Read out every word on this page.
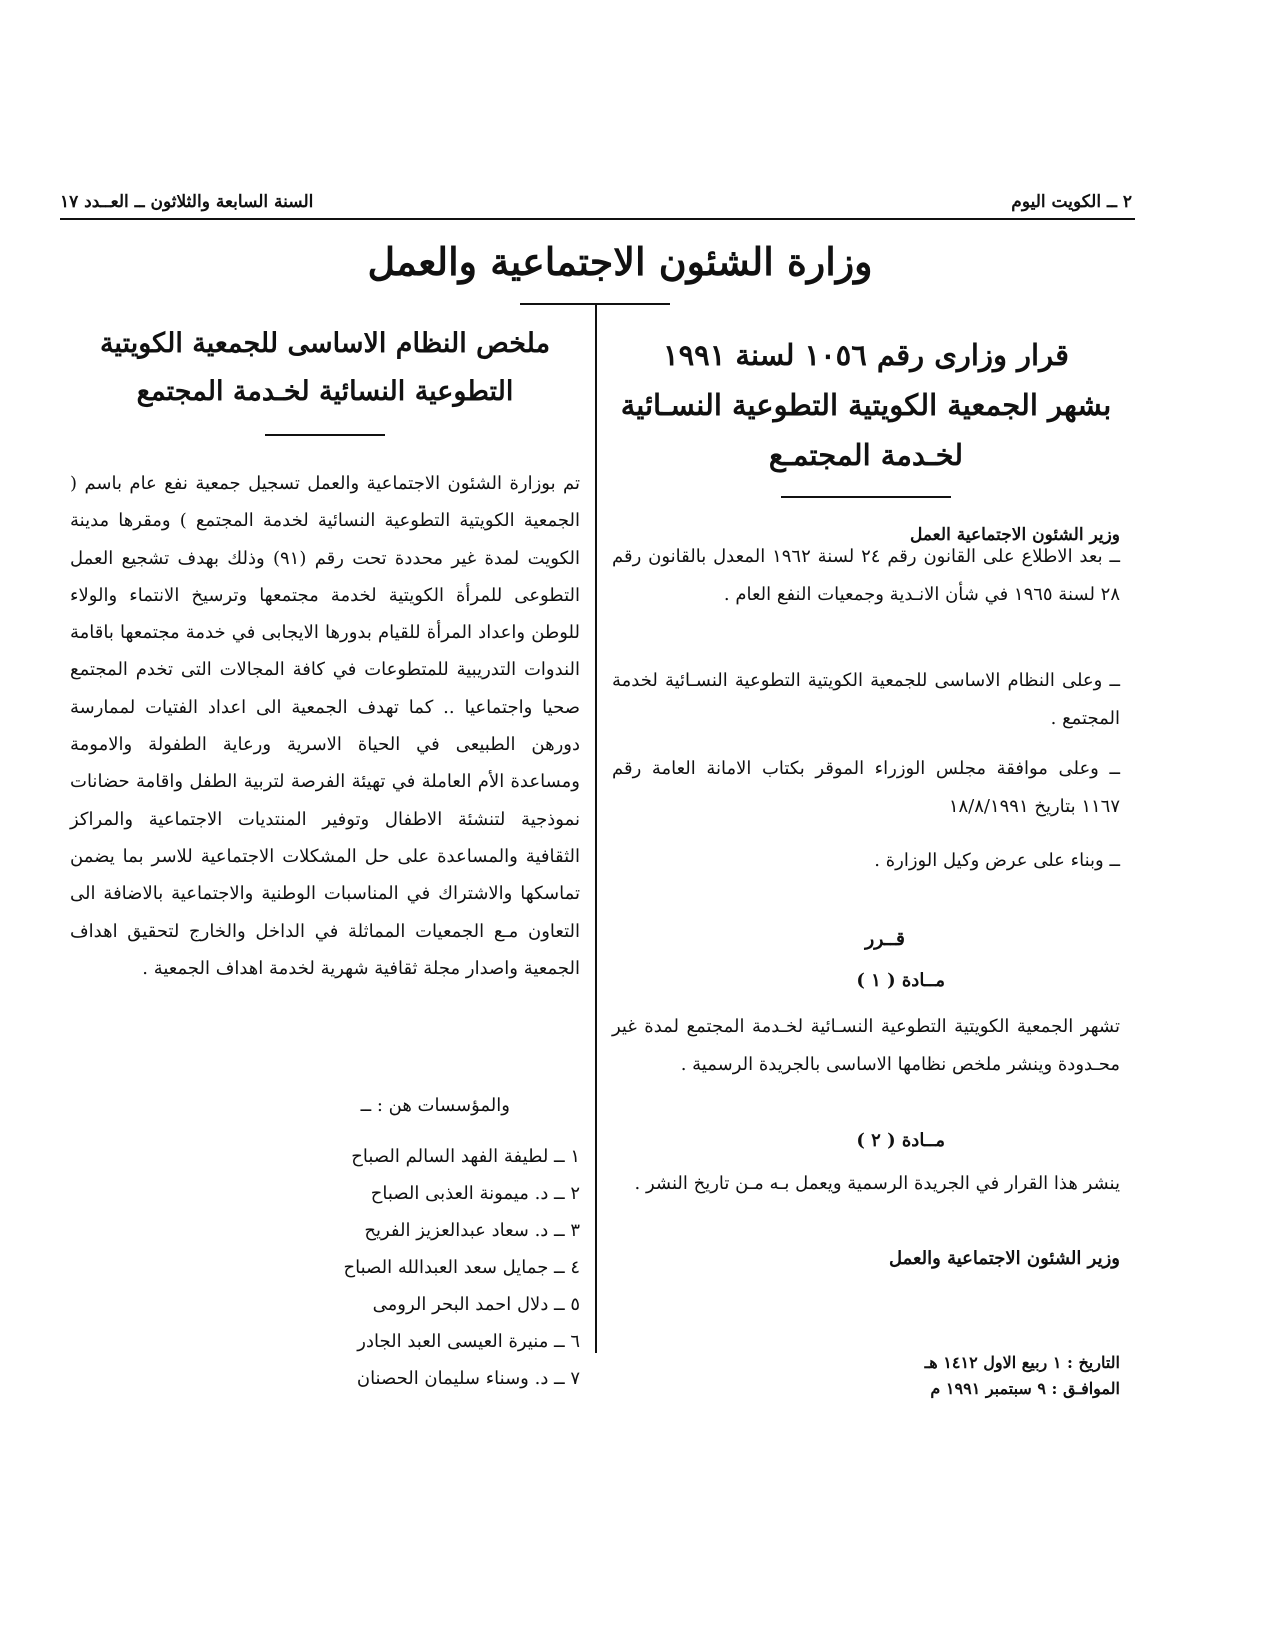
٢ ــ الكويت اليوم
السنة السابعة والثلاثون ــ العــدد ١٧
وزارة الشئون الاجتماعية والعمل

قرار وزارى رقم ١٠٥٦ لسنة ١٩٩١

بشهر الجمعية الكويتية التطوعية النسـائية

لخـدمة المجتمـع

وزير الشئون الاجتماعية العمل

ــ بعد الاطلاع على القانون رقم ٢٤ لسنة ١٩٦٢ المعدل بالقانون رقم ٢٨ لسنة ١٩٦٥ في شأن الانـدية وجمعيات النفع العام .

ــ وعلى النظام الاساسى للجمعية الكويتية التطوعية النسـائية لخدمة المجتمع .

ــ وعلى موافقة مجلس الوزراء الموقر بكتاب الامانة العامة رقم ١١٦٧ بتاريخ ١٨/٨/١٩٩١

ــ وبناء على عرض وكيل الوزارة .

قــرر
مــادة ( ١ )

تشهر الجمعية الكويتية التطوعية النسـائية لخـدمة المجتمع لمدة غير محـدودة وينشر ملخص نظامها الاساسى بالجريدة الرسمية .

مــادة ( ٢ )

ينشر هذا القرار في الجريدة الرسمية ويعمل بـه مـن تاريخ النشر .

وزير الشئون الاجتماعية والعمل
التاريخ : ١ ربيع الاول ١٤١٢ هـ
الموافـق : ٩ سبتمبر ١٩٩١ م

ملخص النظام الاساسى للجمعية الكويتية

التطوعية النسائية لخـدمة المجتمع

تم بوزارة الشئون الاجتماعية والعمل تسجيل جمعية نفع عام باسم ( الجمعية الكويتية التطوعية النسائية لخدمة المجتمع ) ومقرها مدينة الكويت لمدة غير محددة تحت رقم (٩١) وذلك بهدف تشجيع العمل التطوعى للمرأة الكويتية لخدمة مجتمعها وترسيخ الانتماء والولاء للوطن واعداد المرأة للقيام بدورها الايجابى في خدمة مجتمعها باقامة الندوات التدريبية للمتطوعات في كافة المجالات التى تخدم المجتمع صحيا واجتماعيا .. كما تهدف الجمعية الى اعداد الفتيات لممارسة دورهن الطبيعى في الحياة الاسرية ورعاية الطفولة والامومة ومساعدة الأم العاملة في تهيئة الفرصة لتربية الطفل واقامة حضانات نموذجية لتنشئة الاطفال وتوفير المنتديات الاجتماعية والمراكز الثقافية والمساعدة على حل المشكلات الاجتماعية للاسر بما يضمن تماسكها والاشتراك في المناسبات الوطنية والاجتماعية بالاضافة الى التعاون مـع الجمعيات المماثلة في الداخل والخارج لتحقيق اهداف الجمعية واصدار مجلة ثقافية شهرية لخدمة اهداف الجمعية .

والمؤسسات هن : ــ
١ ــ لطيفة الفهد السالم الصباح
٢ ــ د. ميمونة العذبى الصباح
٣ ــ د. سعاد عبدالعزيز الفريح
٤ ــ جمايل سعد العبدالله الصباح
٥ ــ دلال احمد البحر الرومى
٦ ــ منيرة العيسى العبد الجادر
٧ ــ د. وسناء سليمان الحصنان
